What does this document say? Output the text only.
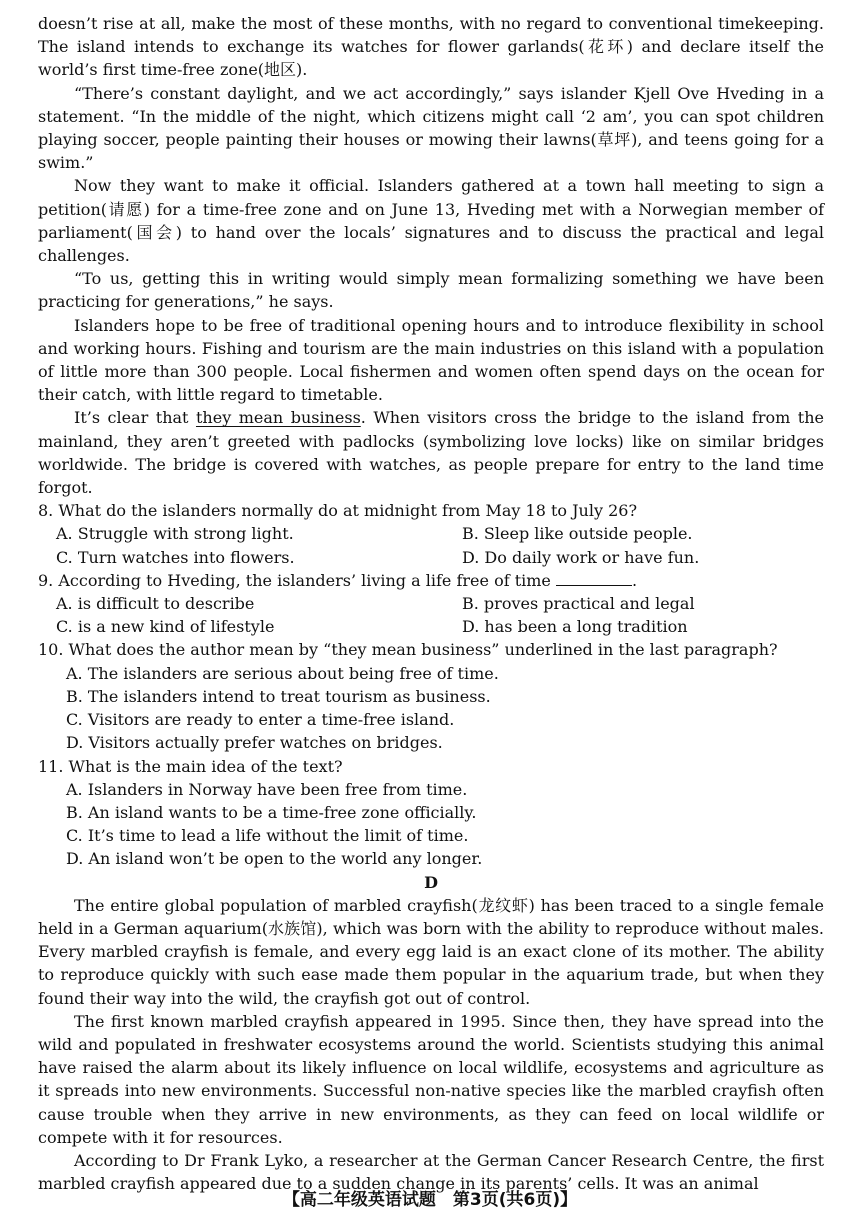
doesn’t rise at all, make the most of these months, with no regard to conventional timekeeping. The island intends to exchange its watches for flower garlands(花环) and declare itself the world’s first time-free zone(地区).

“There’s constant daylight, and we act accordingly,” says islander Kjell Ove Hveding in a statement. “In the middle of the night, which citizens might call ‘2 am’, you can spot children playing soccer, people painting their houses or mowing their lawns(草坪), and teens going for a swim.”

Now they want to make it official. Islanders gathered at a town hall meeting to sign a petition(请愿) for a time-free zone and on June 13, Hveding met with a Norwegian member of parliament(国会) to hand over the locals’ signatures and to discuss the practical and legal challenges.

“To us, getting this in writing would simply mean formalizing something we have been practicing for generations,” he says.

Islanders hope to be free of traditional opening hours and to introduce flexibility in school and working hours. Fishing and tourism are the main industries on this island with a population of little more than 300 people. Local fishermen and women often spend days on the ocean for their catch, with little regard to timetable.

It’s clear that they mean business. When visitors cross the bridge to the island from the mainland, they aren’t greeted with padlocks (symbolizing love locks) like on similar bridges worldwide. The bridge is covered with watches, as people prepare for entry to the land time forgot.

8. What do the islanders normally do at midnight from May 18 to July 26?

A. Struggle with strong light.	B. Sleep like outside people.
C. Turn watches into flowers.	D. Do daily work or have fun.

9. According to Hveding, the islanders’ living a life free of time	.

A. is difficult to describe	B. proves practical and legal
C. is a new kind of lifestyle	D. has been a long tradition

10. What does the author mean by “they mean business” underlined in the last paragraph?

A. The islanders are serious about being free of time.
B. The islanders intend to treat tourism as business.
C. Visitors are ready to enter a time-free island.
D. Visitors actually prefer watches on bridges.

11. What is the main idea of the text?

A. Islanders in Norway have been free from time.
B. An island wants to be a time-free zone officially.
C. It’s time to lead a life without the limit of time.
D. An island won’t be open to the world any longer.

D

The entire global population of marbled crayfish(龙纹虾) has been traced to a single female held in a German aquarium(水族馆), which was born with the ability to reproduce without males. Every marbled crayfish is female, and every egg laid is an exact clone of its mother. The ability to reproduce quickly with such ease made them popular in the aquarium trade, but when they found their way into the wild, the crayfish got out of control.

The first known marbled crayfish appeared in 1995. Since then, they have spread into the wild and populated in freshwater ecosystems around the world. Scientists studying this animal have raised the alarm about its likely influence on local wildlife, ecosystems and agriculture as it spreads into new environments. Successful non-native species like the marbled crayfish often cause trouble when they arrive in new environments, as they can feed on local wildlife or compete with it for resources.

According to Dr Frank Lyko, a researcher at the German Cancer Research Centre, the first marbled crayfish appeared due to a sudden change in its parents’ cells. It was an animal

【高二年级英语试题　第3页(共6页)】
